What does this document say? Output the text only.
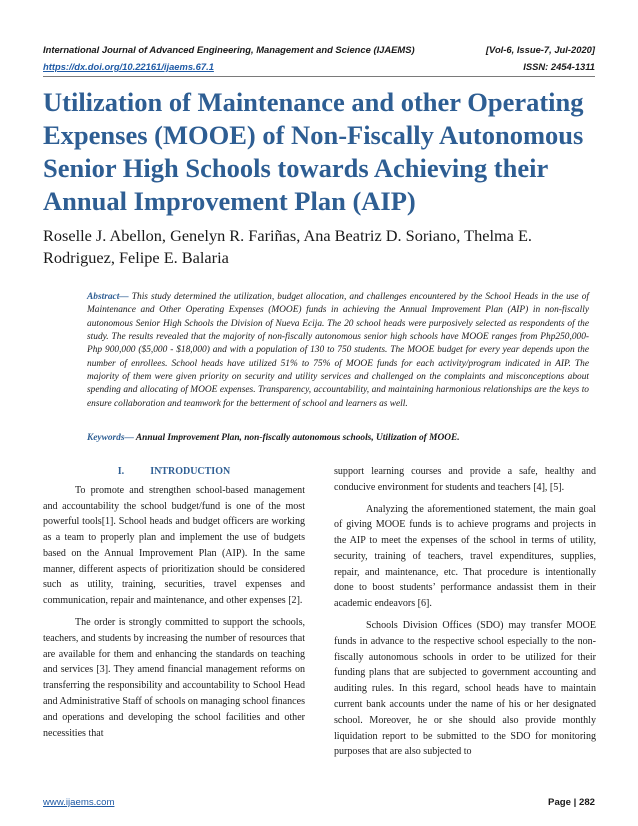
International Journal of Advanced Engineering, Management and Science (IJAEMS)	[Vol-6, Issue-7, Jul-2020]
https://dx.doi.org/10.22161/ijaems.67.1	ISSN: 2454-1311
Utilization of Maintenance and other Operating Expenses (MOOE) of Non-Fiscally Autonomous Senior High Schools towards Achieving their Annual Improvement Plan (AIP)

Roselle J. Abellon, Genelyn R. Fariñas, Ana Beatriz D. Soriano, Thelma E. Rodriguez, Felipe E. Balaria

Abstract— This study determined the utilization, budget allocation, and challenges encountered by the School Heads in the use of Maintenance and Other Operating Expenses (MOOE) funds in achieving the Annual Improvement Plan (AIP) in non-fiscally autonomous Senior High Schools the Division of Nueva Ecija. The 20 school heads were purposively selected as respondents of the study. The results revealed that the majority of non-fiscally autonomous senior high schools have MOOE ranges from Php250,000-Php 900,000 ($5,000 - $18,000) and with a population of 130 to 750 students. The MOOE budget for every year depends upon the number of enrollees. School heads have utilized 51% to 75% of MOOE funds for each activity/program indicated in AIP. The majority of them were given priority on security and utility services and challenged on the complaints and misconceptions about spending and allocating of MOOE expenses. Transparency, accountability, and maintaining harmonious relationships are the keys to ensure collaboration and teamwork for the betterment of school and learners as well.

Keywords— Annual Improvement Plan, non-fiscally autonomous schools, Utilization of MOOE.

I.	INTRODUCTION

To promote and strengthen school-based management and accountability the school budget/fund is one of the most powerful tools[1]. School heads and budget officers are working as a team to properly plan and implement the use of budgets based on the Annual Improvement Plan (AIP). In the same manner, different aspects of prioritization should be considered such as utility, training, securities, travel expenses and communication, repair and maintenance, and other expenses [2].

The order is strongly committed to support the schools, teachers, and students by increasing the number of resources that are available for them and enhancing the standards on teaching and services [3]. They amend financial management reforms on transferring the responsibility and accountability to School Head and Administrative Staff of schools on managing school finances and operations and developing the school facilities and other necessities that

support learning courses and provide a safe, healthy and conducive environment for students and teachers [4], [5].

Analyzing the aforementioned statement, the main goal of giving MOOE funds is to achieve programs and projects in the AIP to meet the expenses of the school in terms of utility, security, training of teachers, travel expenditures, supplies, repair, and maintenance, etc. That procedure is intentionally done to boost students’ performance andassist them in their academic endeavors [6].

Schools Division Offices (SDO) may transfer MOOE funds in advance to the respective school especially to the non-fiscally autonomous schools in order to be utilized for their funding plans that are subjected to government accounting and auditing rules. In this regard, school heads have to maintain current bank accounts under the name of his or her designated school. Moreover, he or she should also provide monthly liquidation report to be submitted to the SDO for monitoring purposes that are also subjected to

www.ijaems.com	Page | 282
